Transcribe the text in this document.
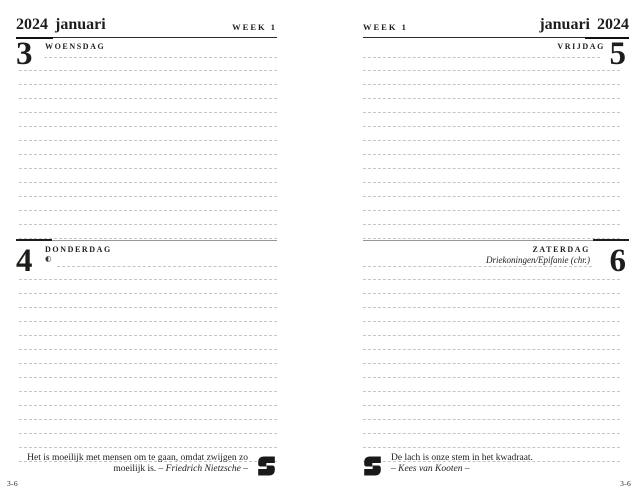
2024 januari	WEEK 1
WOENSDAG
3
DONDERDAG
◐
4
Het is moeilijk met mensen om te gaan, omdat zwijgen zo
moeilijk is. – Friedrich Nietzsche –
WEEK 1	januari 2024
VRIJDAG 5
ZATERDAG
Driekoningen/Epifanie (chr.) 6
De lach is onze stem in het kwadraat.
– Kees van Kooten –
3-6	3-6
